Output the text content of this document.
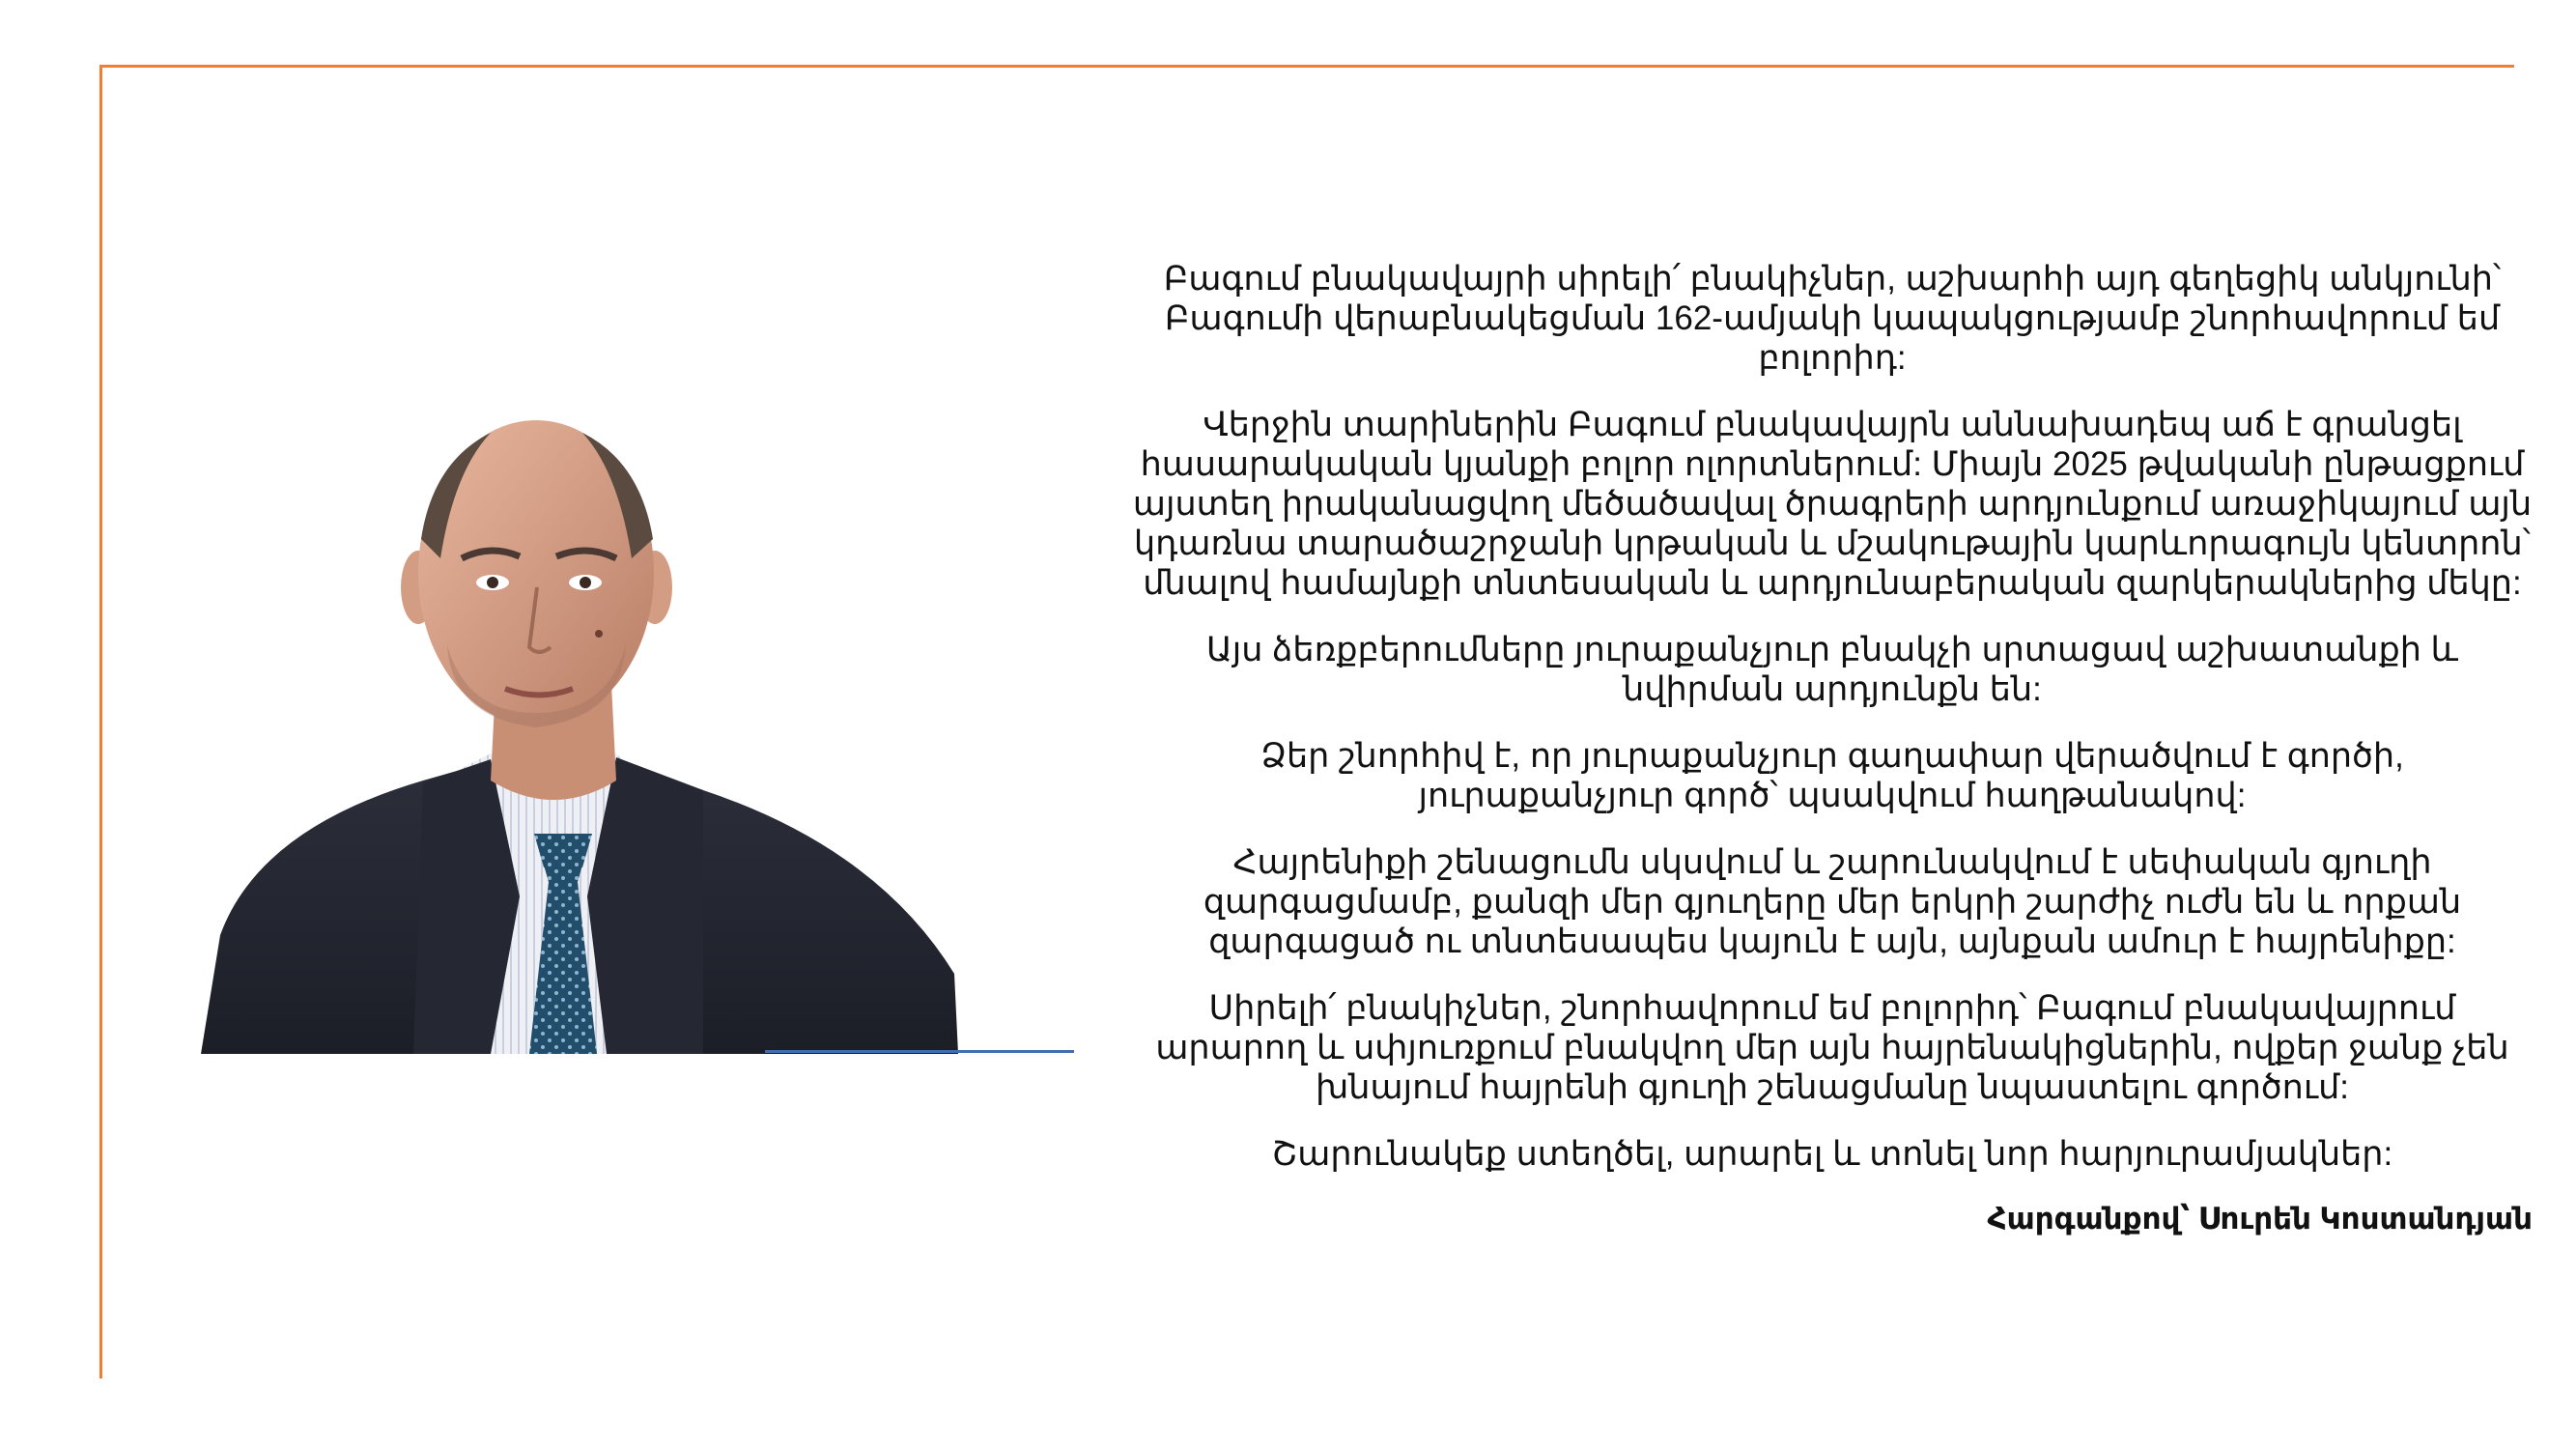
Բագում բնակավայրի սիրելի՛ բնակիչներ, աշխարհի այդ գեղեցիկ անկյունի՝ Բագումի վերաբնակեցման 162-ամյակի կապակցությամբ շնորհավորում եմ բոլորիդ:

Վերջին տարիներին Բագում բնակավայրն աննախադեպ աճ է գրանցել հասարակական կյանքի բոլոր ոլորտներում: Միայն 2025 թվականի ընթացքում այստեղ իրականացվող մեծածավալ ծրագրերի արդյունքում առաջիկայում այն կդառնա տարածաշրջանի կրթական և մշակութային կարևորագույն կենտրոն՝ մնալով համայնքի տնտեսական և արդյունաբերական զարկերակներից մեկը:

Այս ձեռքբերումները յուրաքանչյուր բնակչի սրտացավ աշխատանքի և նվիրման արդյունքն են:

Ձեր շնորհիվ է, որ յուրաքանչյուր գաղափար վերածվում է գործի, յուրաքանչյուր գործ՝ պսակվում հաղթանակով:

Հայրենիքի շենացումն սկսվում և շարունակվում է սեփական գյուղի զարգացմամբ, քանզի մեր գյուղերը մեր երկրի շարժիչ ուժն են և որքան զարգացած ու տնտեսապես կայուն է այն, այնքան ամուր է հայրենիքը:

Սիրելի՛ բնակիչներ, շնորհավորում եմ բոլորիդ՝ Բագում բնակավայրում արարող և սփյուռքում բնակվող մեր այն հայրենակիցներին, ովքեր ջանք չեն խնայում հայրենի գյուղի շենացմանը նպաստելու գործում:

Շարունակեք ստեղծել, արարել և տոնել նոր հարյուրամյակներ:

Հարգանքով՝ Սուրեն Կոստանդյան
